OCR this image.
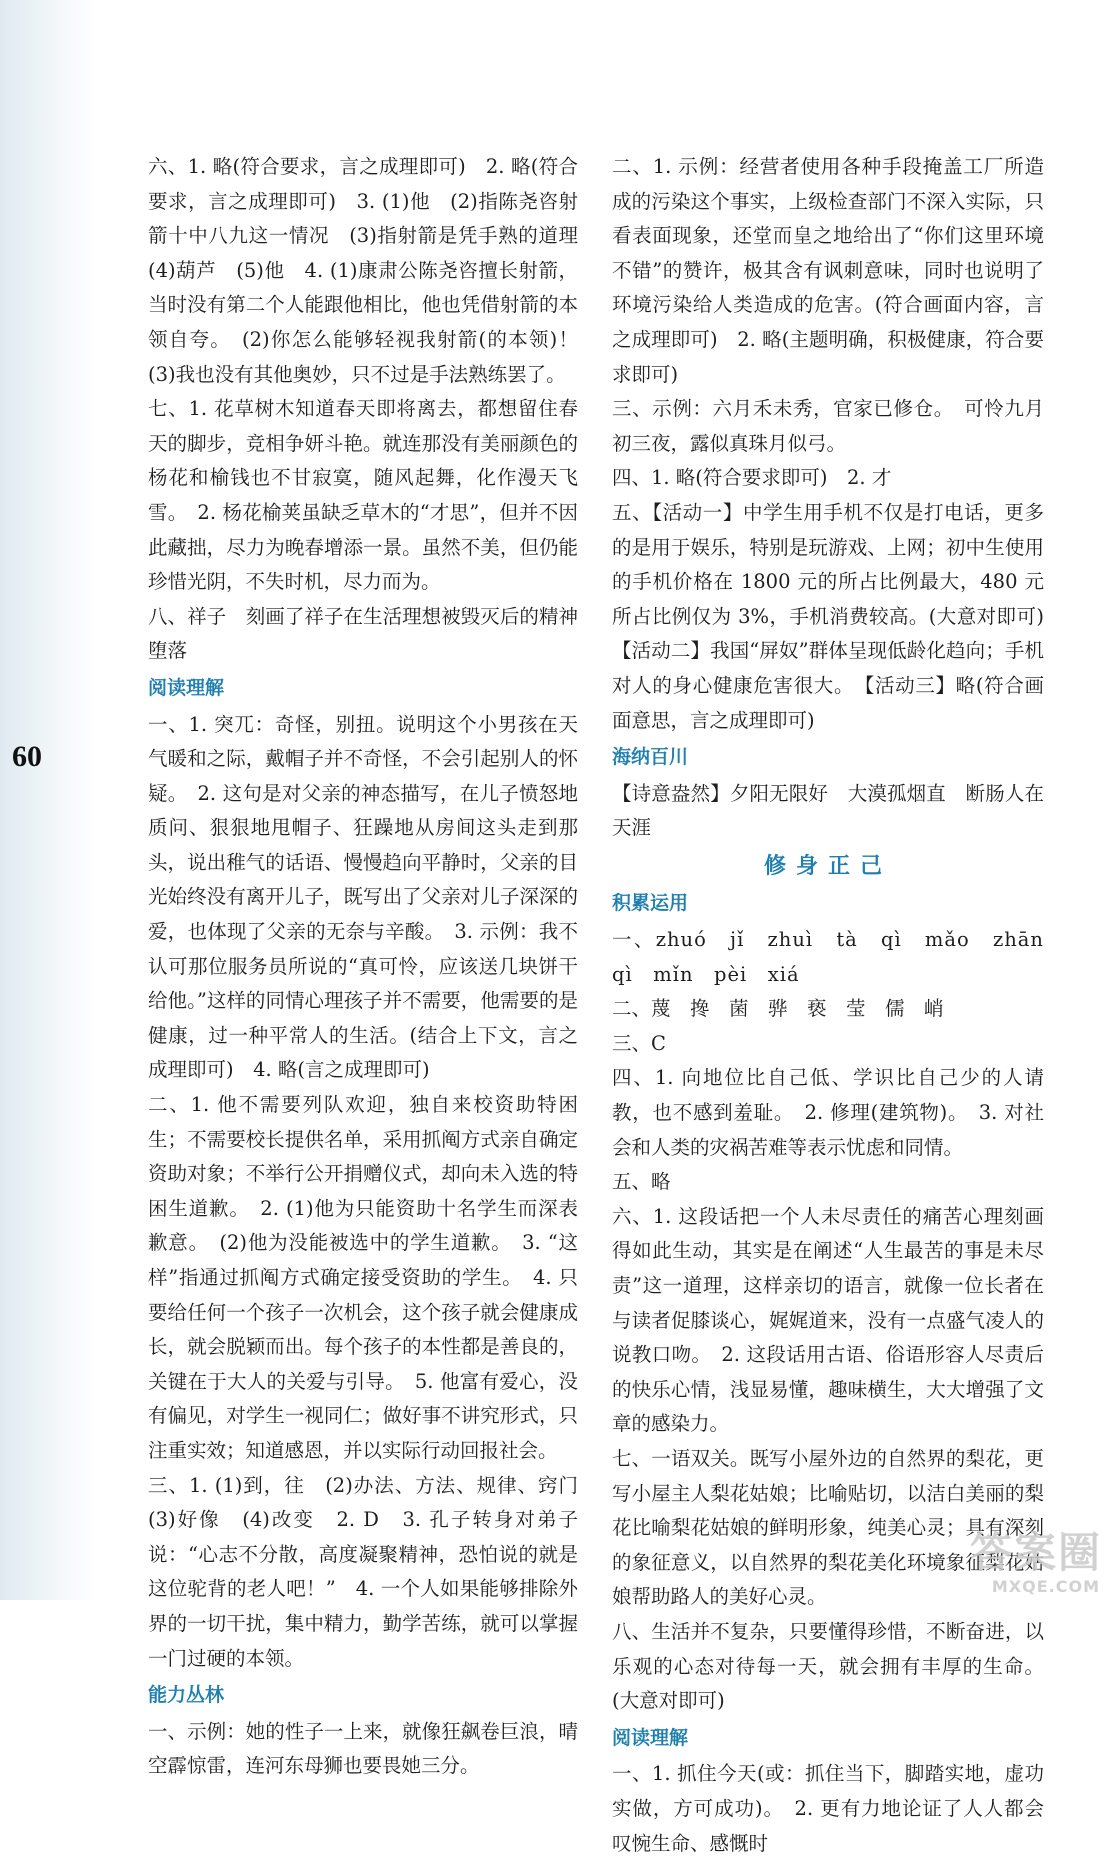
60
六、1. 略(符合要求，言之成理即可)　2. 略(符合要求，言之成理即可)　3. (1)他　(2)指陈尧咨射箭十中八九这一情况　(3)指射箭是凭手熟的道理　(4)葫芦　(5)他　4. (1)康肃公陈尧咨擅长射箭，当时没有第二个人能跟他相比，他也凭借射箭的本领自夸。　(2)你怎么能够轻视我射箭(的本领)！　(3)我也没有其他奥妙，只不过是手法熟练罢了。
七、1. 花草树木知道春天即将离去，都想留住春天的脚步，竞相争妍斗艳。就连那没有美丽颜色的杨花和榆钱也不甘寂寞，随风起舞，化作漫天飞雪。　2. 杨花榆荚虽缺乏草木的“才思”，但并不因此藏拙，尽力为晚春增添一景。虽然不美，但仍能珍惜光阴，不失时机，尽力而为。
八、祥子　刻画了祥子在生活理想被毁灭后的精神堕落
阅读理解
一、1. 突兀：奇怪，别扭。说明这个小男孩在天气暖和之际，戴帽子并不奇怪，不会引起别人的怀疑。　2. 这句是对父亲的神态描写，在儿子愤怒地质问、狠狠地甩帽子、狂躁地从房间这头走到那头，说出稚气的话语、慢慢趋向平静时，父亲的目光始终没有离开儿子，既写出了父亲对儿子深深的爱，也体现了父亲的无奈与辛酸。　3. 示例：我不认可那位服务员所说的“真可怜，应该送几块饼干给他。”这样的同情心理孩子并不需要，他需要的是健康，过一种平常人的生活。(结合上下文，言之成理即可)　4. 略(言之成理即可)
二、1. 他不需要列队欢迎，独自来校资助特困生；不需要校长提供名单，采用抓阄方式亲自确定资助对象；不举行公开捐赠仪式，却向未入选的特困生道歉。　2. (1)他为只能资助十名学生而深表歉意。　(2)他为没能被选中的学生道歉。　3. “这样”指通过抓阄方式确定接受资助的学生。　4. 只要给任何一个孩子一次机会，这个孩子就会健康成长，就会脱颖而出。每个孩子的本性都是善良的，关键在于大人的关爱与引导。　5. 他富有爱心，没有偏见，对学生一视同仁；做好事不讲究形式，只注重实效；知道感恩，并以实际行动回报社会。
三、1. (1)到，往　(2)办法、方法、规律、窍门　(3)好像　(4)改变　2. D　3. 孔子转身对弟子说：“心志不分散，高度凝聚精神，恐怕说的就是这位驼背的老人吧！”　4. 一个人如果能够排除外界的一切干扰，集中精力，勤学苦练，就可以掌握一门过硬的本领。
能力丛林
一、示例：她的性子一上来，就像狂飙卷巨浪，晴空霹惊雷，连河东母狮也要畏她三分。
二、1. 示例：经营者使用各种手段掩盖工厂所造成的污染这个事实，上级检查部门不深入实际，只看表面现象，还堂而皇之地给出了“你们这里环境不错”的赞许，极其含有讽刺意味，同时也说明了环境污染给人类造成的危害。(符合画面内容，言之成理即可)　2. 略(主题明确，积极健康，符合要求即可)
三、示例：六月禾未秀，官家已修仓。　可怜九月初三夜，露似真珠月似弓。
四、1. 略(符合要求即可)　2. 才
五、【活动一】中学生用手机不仅是打电话，更多的是用于娱乐，特别是玩游戏、上网；初中生使用的手机价格在 1800 元的所占比例最大，480 元所占比例仅为 3%，手机消费较高。(大意对即可)　【活动二】我国“屏奴”群体呈现低龄化趋向；手机对人的身心健康危害很大。　【活动三】略(符合画面意思，言之成理即可)
海纳百川
【诗意盎然】夕阳无限好　大漠孤烟直　断肠人在天涯
修身正己
积累运用
一、zhuó　jǐ　zhuì　tà　qì　mǎo　zhān　qì　mǐn　pèi　xiá
二、蔑　搀　菌　骅　亵　莹　儒　峭
三、C
四、1. 向地位比自己低、学识比自己少的人请教，也不感到羞耻。　2. 修理(建筑物)。　3. 对社会和人类的灾祸苦难等表示忧虑和同情。
五、略
六、1. 这段话把一个人未尽责任的痛苦心理刻画得如此生动，其实是在阐述“人生最苦的事是未尽责”这一道理，这样亲切的语言，就像一位长者在与读者促膝谈心，娓娓道来，没有一点盛气凌人的说教口吻。　2. 这段话用古语、俗语形容人尽责后的快乐心情，浅显易懂，趣味横生，大大增强了文章的感染力。
七、一语双关。既写小屋外边的自然界的梨花，更写小屋主人梨花姑娘；比喻贴切，以洁白美丽的梨花比喻梨花姑娘的鲜明形象，纯美心灵；具有深刻的象征意义，以自然界的梨花美化环境象征梨花姑娘帮助路人的美好心灵。
八、生活并不复杂，只要懂得珍惜，不断奋进，以乐观的心态对待每一天，就会拥有丰厚的生命。(大意对即可)
阅读理解
一、1. 抓住今天(或：抓住当下，脚踏实地，虚功实做，方可成功)。　2. 更有力地论证了人人都会叹惋生命、感慨时
答案圈
MXQE.COM
